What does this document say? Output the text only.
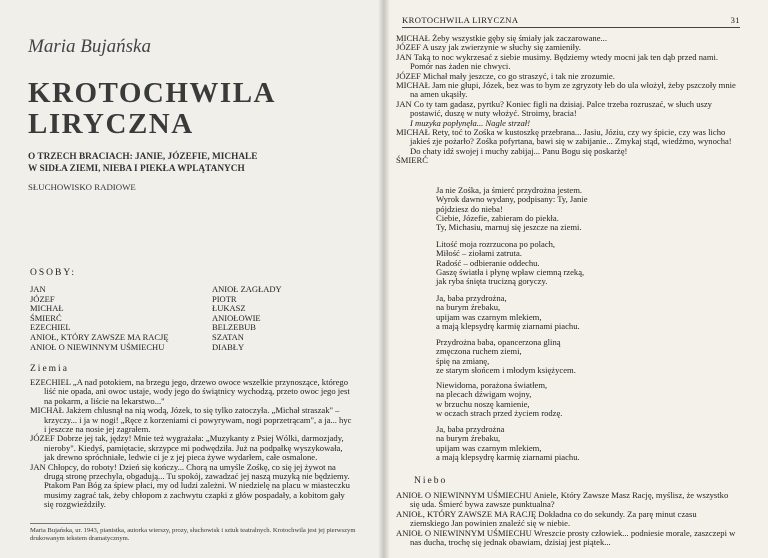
Maria Bujańska
KROTOCHWILA
LIRYCZNA
O TRZECH BRACIACH: JANIE, JÓZEFIE, MICHALE
W SIDŁA ZIEMI, NIEBA I PIEKŁA WPLĄTANYCH
SŁUCHOWISKO RADIOWE
OSOBY:
JAN
JÓZEF
MICHAŁ
ŚMIERĆ
EZECHIEL
ANIOŁ, KTÓRY ZAWSZE MA RACJĘ
ANIOŁ O NIEWINNYM UŚMIECHU
ANIOŁ ZAGŁADY
PIOTR
ŁUKASZ
ANIOŁOWIE
BELZEBUB
SZATAN
DIABŁY
Ziemia

EZECHIEL „A nad potokiem, na brzegu jego, drzewo owoce wszelkie przynoszące, którego liść nie opada, ani owoc ustaje, wody jego do świątnicy wychodzą, przeto owoc jego jest na pokarm, a liście na lekarstwo..."

MICHAŁ Jakżem chlusnął na nią wodą, Józek, to się tylko zatoczyła. „Michał straszak" – krzyczy... i ja w nogi! „Ręce z korzeniami ci powyrywam, nogi poprzetrącam", a ja... hyc i jeszcze na nosie jej zagrałem.

JÓZEF Dobrze jej tak, jędzy! Mnie też wygrażała: „Muzykanty z Psiej Wólki, darmozjady, nieroby". Kiedyś, pamiętacie, skrzypce mi podwędziła. Już na podpałkę wyszykowała, jak drewno spróchniałe, ledwie ci je z jej pieca żywe wydarłem, całe osmalone.

JAN Chłopcy, do roboty! Dzień się kończy... Chorą na umyśle Zośkę, co się jej żywot na drugą stronę przechyla, obgadują... Tu spokój, zawadzać jej naszą muzyką nie będziemy. Ptakom Pan Bóg za śpiew płaci, my od ludzi zależni. W niedzielę na placu w miasteczku musimy zagrać tak, żeby chłopom z zachwytu czapki z głów pospadały, a kobitom gały się rozgwieździły.

Maria Bujańska, ur. 1943, pianistka, autorka wierszy, prozy, słuchowisk i sztuk teatralnych. Krotochwila jest jej pierwszym drukowanym tekstem dramatycznym.
KROTOCHWILA LIRYCZNA	31

MICHAŁ Żeby wszystkie gęby się śmiały jak zaczarowane...

JÓZEF A uszy jak zwierzynie w słuchy się zamieniły.

JAN Taką to noc wykrzesać z siebie musimy. Będziemy wtedy mocni jak ten dąb przed nami. Pomór nas żaden nie chwyci.

JÓZEF Michał mały jeszcze, co go straszyć, i tak nie zrozumie.

MICHAŁ Jam nie głupi, Józek, bez was to bym ze zgryzoty łeb do ula włożył, żeby pszczoły mnie na amen ukąsiły.

JAN Co ty tam gadasz, pyrtku? Koniec figli na dzisiaj. Palce trzeba rozruszać, w słuch uszy postawić, duszę w nuty włożyć. Stroimy, bracia!

I muzyka popłynęła... Nagle strzał!

MICHAŁ Rety, toć to Zośka w kustoszkę przebrana... Jasiu, Józiu, czy wy śpicie, czy was licho jakieś zje pożarło? Zośka pofyrtana, bawi się w zabijanie... Zmykaj stąd, wiedźmo, wynocha! Do chaty idź swojej i muchy zabijaj... Panu Bogu się poskarżę!

ŚMIERĆ

Ja nie Zośka, ja śmierć przydrożna jestem.
Wyrok dawno wydany, podpisany: Ty, Janie
pójdziesz do nieba!
Ciebie, Józefie, zabieram do piekła.
Ty, Michasiu, marnuj się jeszcze na ziemi.
Litość moja rozrzucona po polach,
Miłość – ziołami zatruta.
Radość – odbieranie oddechu.
Gaszę światła i płynę wpław ciemną rzeką,
jak ryba śnięta trucizną goryczy.
Ja, baba przydrożna,
na burym źrebaku,
upijam was czarnym mlekiem,
a mają klepsydrę karmię ziarnami piachu.
Przydrożna baba, opancerzona gliną
zmęczona ruchem ziemi,
śpię na zmianę,
ze starym słońcem i młodym księżycem.
Niewidoma, porażona światłem,
na plecach dźwigam wojny,
w brzuchu noszę kamienie,
w oczach strach przed życiem rodzę.
Ja, baba przydrożna
na burym źrebaku,
upijam was czarnym mlekiem,
a mają klepsydrę karmię ziarnami piachu.
Niebo

ANIOŁ O NIEWINNYM UŚMIECHU Aniele, Który Zawsze Masz Rację, myślisz, że wszystko się uda. Śmierć bywa zawsze punktualna?

ANIOŁ, KTÓRY ZAWSZE MA RACJĘ Dokładna co do sekundy. Za parę minut czasu ziemskiego Jan powinien znaleźć się w niebie.

ANIOŁ O NIEWINNYM UŚMIECHU Wreszcie prosty człowiek... podniesie morale, zaszczepi w nas ducha, trochę się jednak obawiam, dzisiaj jest piątek...
